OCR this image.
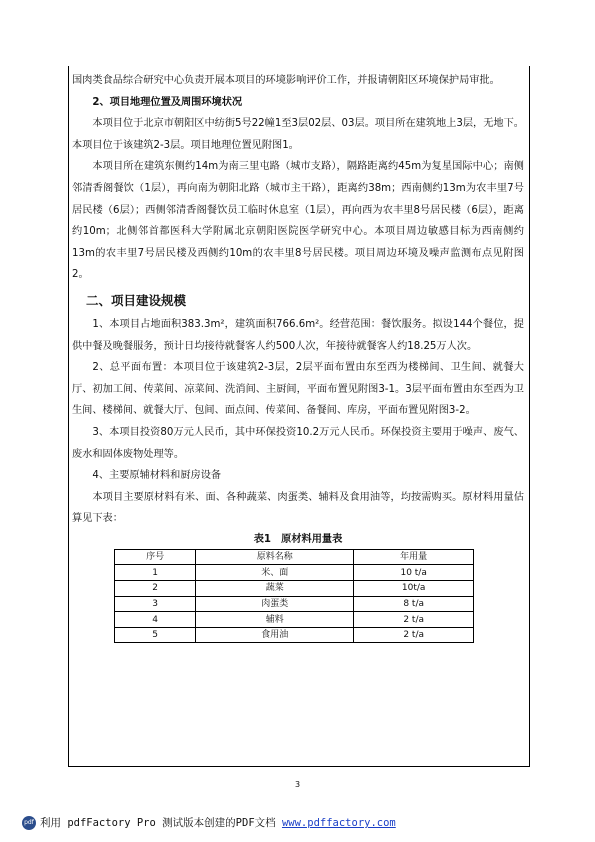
国肉类食品综合研究中心负责开展本项目的环境影响评价工作，并报请朝阳区环境保护局审批。

2、项目地理位置及周围环境状况

本项目位于北京市朝阳区中纺街5号22幢1至3层02层、03层。项目所在建筑地上3层，无地下。本项目位于该建筑2-3层。项目地理位置见附图1。

本项目所在建筑东侧约14m为南三里屯路（城市支路），隔路距离约45m为复星国际中心；南侧邻清香阁餐饮（1层），再向南为朝阳北路（城市主干路），距离约38m；西南侧约13m为农丰里7号居民楼（6层）；西侧邻清香阁餐饮员工临时休息室（1层），再向西为农丰里8号居民楼（6层），距离约10m；北侧邻首都医科大学附属北京朝阳医院医学研究中心。本项目周边敏感目标为西南侧约13m的农丰里7号居民楼及西侧约10m的农丰里8号居民楼。项目周边环境及噪声监测布点见附图2。

二、项目建设规模

1、本项目占地面积383.3m²，建筑面积766.6m²。经营范围：餐饮服务。拟设144个餐位，提供中餐及晚餐服务，预计日均接待就餐客人约500人次，年接待就餐客人约18.25万人次。

2、总平面布置：本项目位于该建筑2-3层，2层平面布置由东至西为楼梯间、卫生间、就餐大厅、初加工间、传菜间、凉菜间、洗消间、主厨间，平面布置见附图3-1。3层平面布置由东至西为卫生间、楼梯间、就餐大厅、包间、面点间、传菜间、备餐间、库房，平面布置见附图3-2。

3、本项目投资80万元人民币，其中环保投资10.2万元人民币。环保投资主要用于噪声、废气、废水和固体废物处理等。

4、主要原辅材料和厨房设备

本项目主要原材料有米、面、各种蔬菜、肉蛋类、辅料及食用油等，均按需购买。原材料用量估算见下表：

表1　原材料用量表

序号	原料名称	年用量
1	米、面	10 t/a
2	蔬菜	10t/a
3	肉蛋类	8 t/a
4	辅料	2 t/a
5	食用油	2 t/a
3
pdf 利用 pdfFactory Pro 测试版本创建的PDF文档 www.pdffactory.com
